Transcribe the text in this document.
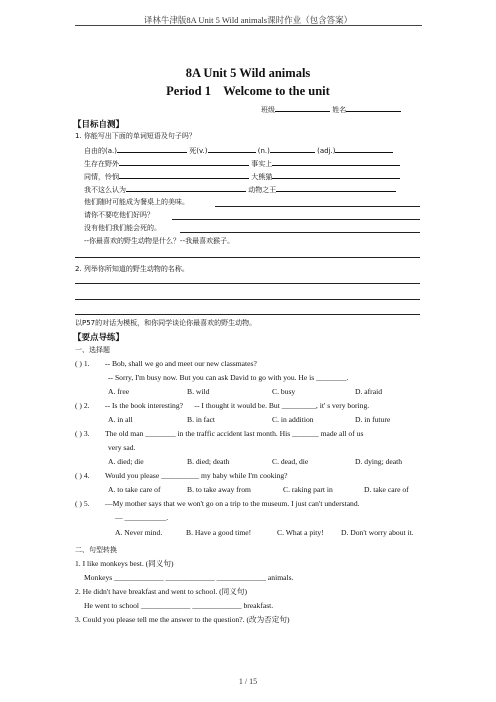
译林牛津版8A Unit 5 Wild animals课时作业（包含答案）
8A Unit 5 Wild animals
Period 1    Welcome to the unit
班级	姓名
【目标自测】
1. 你能写出下面的单词短语及句子吗？
自由的(a.)	死(v.)	(n.)	(adj.)
生存在野外	事实上
同情，怜悯	大熊猫
我不这么认为	动物之王
他们随时可能成为餐桌上的美味。
请你不要吃他们好吗？
没有他们我们能会死的。
--你最喜欢的野生动物是什么？--我最喜欢猴子。
2. 列举你所知道的野生动物的名称。
以P57的对话为模板，和你同学谈论你最喜欢的野生动物。
【要点导练】
一、选择题
( ) 1. -- Bob, shall we go and meet our new classmates?
-- Sorry, I'm busy now. But you can ask David to go with you. He is ________.
A. free	B. wild	C. busy	D. afraid
( ) 2. -- Is the book interesting?      -- I thought it would be. But _________, it' s very boring.
A. in all	B. in fact	C. in addition	D. in future
( ) 3. The old man ________ in the traffic accident last month. His _______ made all of us
very sad.
A. died; die	B. died; death	C. dead, die	D. dying; death
( ) 4. Would you please __________ my baby while I'm cooking?
A. to take care of	B. to take away from	C. raking part in	D. take care of
( ) 5. —My mother says that we won't go on a trip to the museum. I just can't understand.
— ___________.
A. Never mind.	B. Have a good time!	C. What a pity! D. Don't worry about it.
二、句型转换
1. I like monkeys best. (同义句)
Monkeys _____________ _____________ _____________ animals.
2. He didn't have breakfast and went to school. (同义句)
He went to school _____________ _____________ breakfast.
3. Could you please tell me the answer to the question?. (改为否定句)
1 / 15
